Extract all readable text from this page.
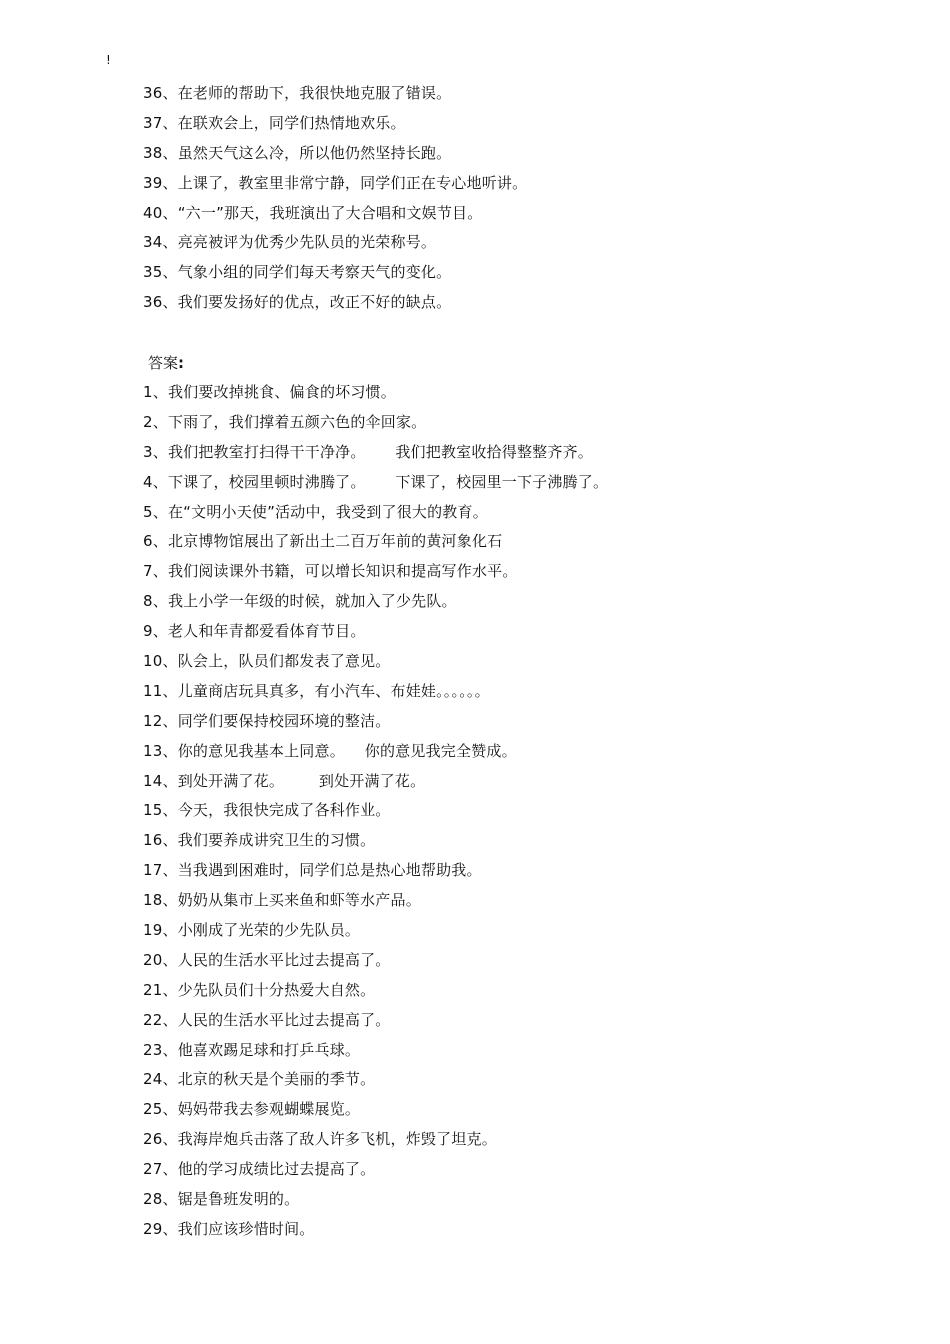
!
36、在老师的帮助下，我很快地克服了错误。
37、在联欢会上，同学们热情地欢乐。
38、虽然天气这么冷，所以他仍然坚持长跑。
39、上课了，教室里非常宁静，同学们正在专心地听讲。
40、“六一”那天，我班演出了大合唱和文娱节目。
34、亮亮被评为优秀少先队员的光荣称号。
35、气象小组的同学们每天考察天气的变化。
36、我们要发扬好的优点，改正不好的缺点。
答案:
1、我们要改掉挑食、偏食的坏习惯。
2、下雨了，我们撑着五颜六色的伞回家。
3、我们把教室打扫得干干净净。      我们把教室收拾得整整齐齐。
4、下课了，校园里顿时沸腾了。      下课了，校园里一下子沸腾了。
5、在“文明小天使”活动中，我受到了很大的教育。
6、北京博物馆展出了新出土二百万年前的黄河象化石
7、我们阅读课外书籍，可以增长知识和提高写作水平。
8、我上小学一年级的时候，就加入了少先队。
9、老人和年青都爱看体育节目。
10、队会上，队员们都发表了意见。
11、儿童商店玩具真多，有小汽车、布娃娃。。。。。。
12、同学们要保持校园环境的整洁。
13、你的意见我基本上同意。    你的意见我完全赞成。
14、到处开满了花。       到处开满了花。
15、今天，我很快完成了各科作业。
16、我们要养成讲究卫生的习惯。
17、当我遇到困难时，同学们总是热心地帮助我。
18、奶奶从集市上买来鱼和虾等水产品。
19、小刚成了光荣的少先队员。
20、人民的生活水平比过去提高了。
21、少先队员们十分热爱大自然。
22、人民的生活水平比过去提高了。
23、他喜欢踢足球和打乒乓球。
24、北京的秋天是个美丽的季节。
25、妈妈带我去参观蝴蝶展览。
26、我海岸炮兵击落了敌人许多飞机，炸毁了坦克。
27、他的学习成绩比过去提高了。
28、锯是鲁班发明的。
29、我们应该珍惜时间。
